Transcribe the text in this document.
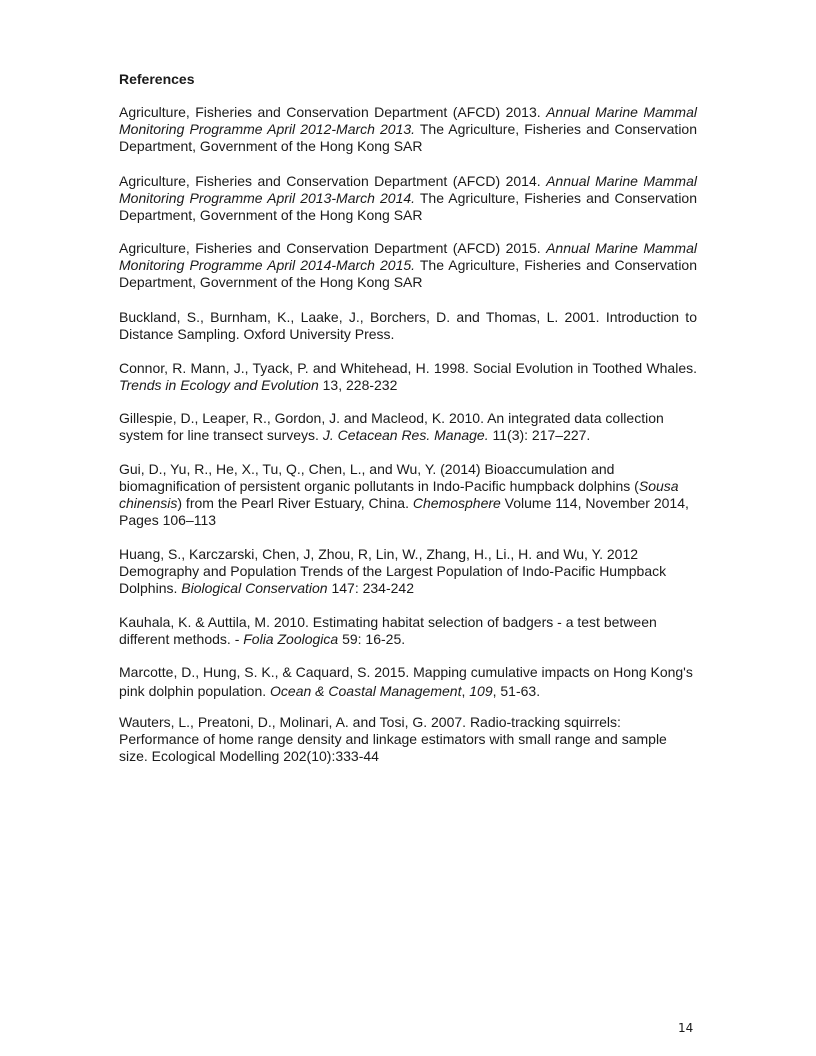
References

Agriculture, Fisheries and Conservation Department (AFCD) 2013. Annual Marine Mammal Monitoring Programme April 2012-March 2013. The Agriculture, Fisheries and Conservation Department, Government of the Hong Kong SAR

Agriculture, Fisheries and Conservation Department (AFCD) 2014. Annual Marine Mammal Monitoring Programme April 2013-March 2014. The Agriculture, Fisheries and Conservation Department, Government of the Hong Kong SAR

Agriculture, Fisheries and Conservation Department (AFCD) 2015. Annual Marine Mammal Monitoring Programme April 2014-March 2015. The Agriculture, Fisheries and Conservation Department, Government of the Hong Kong SAR

Buckland, S., Burnham, K., Laake, J., Borchers, D. and Thomas, L. 2001. Introduction to Distance Sampling. Oxford University Press.

Connor, R. Mann, J., Tyack, P. and Whitehead, H. 1998. Social Evolution in Toothed Whales. Trends in Ecology and Evolution 13, 228-232

Gillespie, D., Leaper, R., Gordon, J. and Macleod, K. 2010. An integrated data collection system for line transect surveys. J. Cetacean Res. Manage. 11(3): 217–227.

Gui, D., Yu, R., He, X., Tu, Q., Chen, L., and Wu, Y. (2014) Bioaccumulation and biomagnification of persistent organic pollutants in Indo-Pacific humpback dolphins (Sousa chinensis) from the Pearl River Estuary, China. Chemosphere Volume 114, November 2014, Pages 106–113

Huang, S., Karczarski, Chen, J, Zhou, R, Lin, W., Zhang, H., Li., H. and Wu, Y. 2012 Demography and Population Trends of the Largest Population of Indo-Pacific Humpback Dolphins. Biological Conservation 147: 234-242

Kauhala, K. & Auttila, M. 2010. Estimating habitat selection of badgers - a test between different methods. - Folia Zoologica 59: 16-25.

Marcotte, D., Hung, S. K., & Caquard, S. 2015. Mapping cumulative impacts on Hong Kong's pink dolphin population. Ocean & Coastal Management, 109, 51-63.

Wauters, L., Preatoni, D., Molinari, A. and Tosi, G. 2007. Radio-tracking squirrels: Performance of home range density and linkage estimators with small range and sample size. Ecological Modelling 202(10):333-44

14
